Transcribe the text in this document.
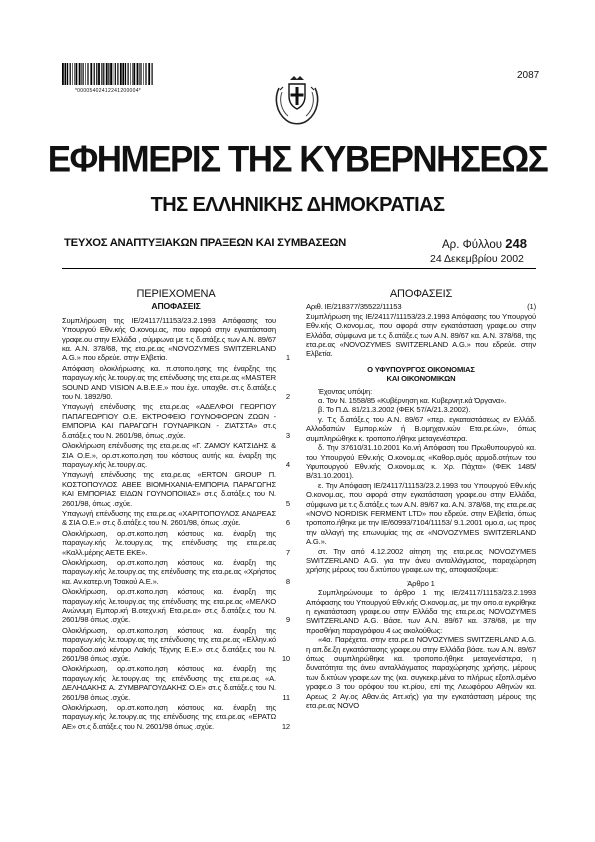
*00005402412241200004*
2087
ΕΦΗΜΕΡΙΣ ΤΗΣ ΚΥΒΕΡΝΗΣΕΩΣ
ΤΗΣ ΕΛΛΗΝΙΚΗΣ ΔΗΜΟΚΡΑΤΙΑΣ
ΤΕΥΧΟΣ ΑΝΑΠΤΥΞΙΑΚΩΝ ΠΡΑΞΕΩΝ ΚΑΙ ΣΥΜΒΑΣΕΩΝ	Αρ. Φύλλου 248
24 Δεκεμβρίου 2002
ΠΕΡΙΕΧΟΜΕΝΑ
ΑΠΟΦΑΣΕΙΣ
Συμπλήρωση της ΙΕ/24117/11153/23.2.1993 Απόφασης του Υπουργού Εθν.κής Ο.κονομ.ας, που αφορά στην εγκατάσταση γραφε.ου στην Ελλάδα , σύμφωνα με τ.ς δ.ατάξε.ς των Α.Ν. 89/67 κα. Α.Ν. 378/68, της ετα.ρε.ας «NOVOZYMES SWITZERLAND A.G.» που εδρεύε. στην Ελβετία.	1
Απόφαση ολοκλήρωσης κα. π.στοπο.ησης της έναρξης της παραγωγ.κής λε.τουργ.ας της επένδυσης της ετα.ρε.ας «MASTER SOUND AND VISION A.B.E.E.» που έχε. υπαχθε. στ.ς δ.ατάξε.ς του Ν. 1892/90.	2
Υπαγωγή επένδυσης της ετα.ρε.ας «ΑΔΕΛΦΟΙ ΓΕΩΡΓΙΟΥ ΠΑΠΑΓΕΩΡΓΙΟΥ Ο.Ε. ΕΚΤΡΟΦΕΙΟ ΓΟΥΝΟΦΟΡΩΝ ΖΩΩΝ - ΕΜΠΟΡΙΑ ΚΑΙ ΠΑΡΑΓΩΓΗ ΓΟΥΝΑΡΙΚΩΝ - ΖΙΑΤΣΤΑ» στ.ς δ.ατάξε.ς του Ν. 2601/98, όπως .σχύε.	3
Ολοκλήρωση επένδυσης της ετα.ρε.ας «Γ. ΖΑΜΟΥ ΚΑΤΣΙΔΗΣ & ΣΙΑ Ο.Ε.», ορ.στ.κοπο.ηση του κόστους αυτής κα. έναρξη της παραγωγ.κής λε.τουργ.ας.	4
Υπαγωγή επένδυσης της ετα.ρε.ας «ERTON GROUP Π. ΚΟΣΤΟΠΟΥΛΟΣ ΑΒΕΕ ΒΙΟΜΗΧΑΝΙΑ-ΕΜΠΟΡΙΑ ΠΑΡΑΓΩΓΗΣ ΚΑΙ ΕΜΠΟΡΙΑΣ ΕΙΔΩΝ ΓΟΥΝΟΠΟΙΙΑΣ» στ.ς δ.ατάξε.ς του Ν. 2601/98, όπως .σχύε.	5
Υπαγωγή επένδυσης της ετα.ρε.ας «ΧΑΡΙΤΟΠΟΥΛΟΣ ΑΝΔΡΕΑΣ & ΣΙΑ Ο.Ε.» στ.ς δ.ατάξε.ς του Ν. 2601/98, όπως .σχύε.	6
Ολοκλήρωση, ορ.στ.κοπο.ηση κόστους κα. έναρξη της παραγωγ.κής λε.τουργ.ας της επένδυσης της ετα.ρε.ας «Καλλ.μέρης ΑΕΤΕ ΕΚΕ».	7
Ολοκλήρωση, ορ.στ.κοπο.ηση κόστους κα. έναρξη της παραγωγ.κής λε.τουργ.ας της επένδυσης της ετα.ρε.ας «Χρήστος κα. Αν.κατερ.νη Τσακού Α.Ε.».	8
Ολοκλήρωση, ορ.στ.κοπο.ηση κόστους κα. έναρξη της παραγωγ.κής λε.τουργ.ας της επένδυσης της ετα.ρε.ας «ΜΕΛΚΟ Ανώνυμη Εμπορ.κή Β.οτεχν.κή Ετα.ρε.α» στ.ς δ.ατάξε.ς του Ν. 2601/98 όπως .σχύε.	9
Ολοκλήρωση, ορ.στ.κοπο.ηση κόστους κα. έναρξη της παραγωγ.κής λε.τουργ.ας της επένδυσης της ετα.ρε.ας «Ελλην.κό παραδοσ.ακό κέντρο Λαϊκής Τέχνης Ε.Ε.» στ.ς δ.ατάξε.ς του Ν. 2601/98 όπως .σχύε.	10
Ολοκλήρωση, ορ.στ.κοπο.ηση κόστους κα. έναρξη της παραγωγ.κής λε.τουργ.ας της επένδυσης της ετα.ρε.ας «Α. ΔΕΛΗΔΑΚΗΣ Α. ΖΥΜΒΡΑΓΟΥΔΑΚΗΣ Ο.Ε» στ.ς δ.ατάξε.ς του Ν. 2601/98 όπως .σχύε.	11
Ολοκλήρωση, ορ.στ.κοπο.ηση κόστους κα. έναρξη της παραγωγ.κής λε.τουργ.ας της επένδυσης της ετα.ρε.ας «ΕΡΑΤΩ ΑΕ» στ.ς δ.ατάξε.ς του Ν. 2601/98 όπως .σχύε.	12
ΑΠΟΦΑΣΕΙΣ
Αριθ. ΙΕ/218377/35522/11153	(1)

Συμπλήρωση της ΙΕ/24117/11153/23.2.1993 Απόφασης του Υπουργού Εθν.κής Ο.κονομ.ας, που αφορά στην εγκατάσταση γραφε.ου στην Ελλάδα, σύμφωνα με τ.ς δ.ατάξε.ς των Α.Ν. 89/67 κα. Α.Ν. 378/68, της ετα.ρε.ας «NOVOZYMES SWITZERLAND A.G.» που εδρεύε. στην Ελβετία.

Ο ΥΦΥΠΟΥΡΓΟΣ ΟΙΚΟΝΟΜΙΑΣ
ΚΑΙ ΟΙΚΟΝΟΜΙΚΩΝ

Έχοντας υπόψη:

α. Τον Ν. 1558/85 «Κυβέρνηση κα. Κυβερνητ.κά Όργανα».

β. Το Π.Δ. 81/21.3.2002 (ΦΕΚ 57/Α/21.3.2002).

γ. Τ.ς δ.ατάξε.ς του Α.Ν. 89/67 «περ. εγκαταστάσεως εν Ελλάδ. Αλλοδαπών Εμπορ.κών ή Β.ομηχαν.κών Ετα.ρε.ών», όπως συμπληρώθηκε κ. τροποπο.ήθηκε μεταγενέστερα.

δ. Την 37610/31.10.2001 Κο.νή Απόφαση του Πρωθυπουργού κα. του Υπουργού Εθν.κής Ο.κονομ.ας «Καθορ.σμός αρμοδ.οτήτων του Υφυπουργού Εθν.κής Ο.κονομ.ας κ. Χρ. Πάχτα» (ΦΕΚ 1485/Β/31.10.2001).

ε. Την Απόφαση ΙΕ/24117/11153/23.2.1993 του Υπουργού Εθν.κής Ο.κονομ.ας, που αφορά στην εγκατάσταση γραφε.ου στην Ελλάδα, σύμφωνα με τ.ς δ.ατάξε.ς των Α.Ν. 89/67 κα. Α.Ν. 378/68, της ετα.ρε.ας «NOVO NORDISK FERMENT LTD» που εδρεύε. στην Ελβετία, όπως τροποπο.ήθηκε με την ΙΕ/60993/7104/11153/ 9.1.2001 ομο.α, ως προς την αλλαγή της επωνυμίας της σε «NOVOZYMES SWITZERLAND A.G.».

στ. Την από 4.12.2002 αίτηση της ετα.ρε.ας NOVOZYMES SWITZERLAND A.G. για την άνευ ανταλλάγματος, παραχώρηση χρήσης μέρους του δ.κτύπου γραφε.ων της, αποφασίζουμε:

Άρθρο 1

Συμπληρώνουμε το άρθρο 1 της ΙΕ/24117/11153/23.2.1993 Απόφασης του Υπουργού Εθν.κής Ο.κονομ.ας, με την οπο.α εγκρίθηκε η εγκατάσταση γραφε.ου στην Ελλάδα της ετα.ρε.ας NOVOZYMES SWITZERLAND A.G. Βάσε. των Α.Ν. 89/67 κα. 378/68, με την προσθήκη παραγράφου 4 ως ακολούθως:

«4α. Παρέχετα. στην ετα.ρε.α NOVOZYMES SWITZERLAND A.G. η απ.δε.ξη εγκατάστασης γραφε.ου στην Ελλάδα βάσε. των Α.Ν. 89/67 όπως συμπληρώθηκε κα. τροποπο.ήθηκε μεταγενέστερα, η δυνατότητα της άνευ ανταλλάγματος παραχώρησης χρήσης, μέρους των δ.κτύων γραφε.ων της (κα. συγκεκρ.μένα το πλήρως εξοπλ.σμένο γραφε.ο 3 του ορόφου του κτ.ρίου, επί της Λεωφόρου Αθηνών κα. Αρεως 2 Αγ.ος Αθαν.άς Αττ.κής) για την εγκατάσταση μέρους της ετα.ρε.ας NOVO
